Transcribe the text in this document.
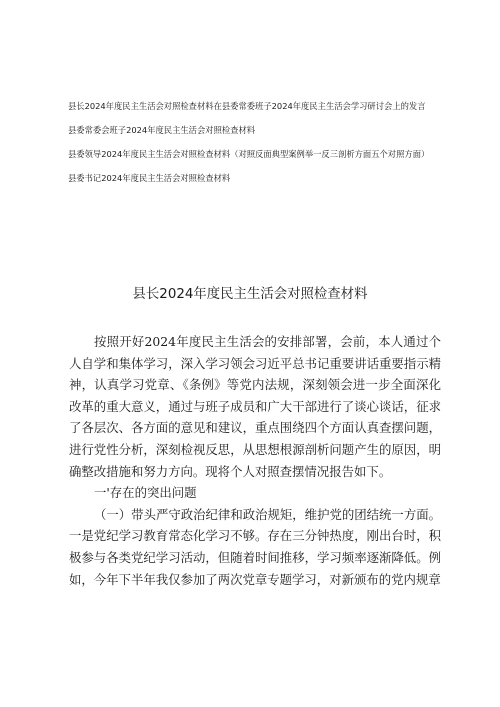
县长2024年度民主生活会对照检查材料在县委常委班子2024年度民主生活会学习研讨会上的发言

县委常委会班子2024年度民主生活会对照检查材料

县委领导2024年度民主生活会对照检查材料（对照反面典型案例举一反三剖析方面五个对照方面）

县委书记2024年度民主生活会对照检查材料

县长2024年度民主生活会对照检查材料

按照开好2024年度民主生活会的安排部署，会前，本人通过个人自学和集体学习，深入学习领会习近平总书记重要讲话重要指示精神，认真学习党章、《条例》等党内法规，深刻领会进一步全面深化改革的重大意义，通过与班子成员和广大干部进行了谈心谈话，征求了各层次、各方面的意见和建议，重点围绕四个方面认真查摆问题，进行党性分析，深刻检视反思，从思想根源剖析问题产生的原因，明确整改措施和努力方向。现将个人对照查摆情况报告如下。

一'存在的突出问题

（一）带头严守政治纪律和政治规矩，维护党的团结统一方面。一是党纪学习教育常态化学习不够。存在三分钟热度，刚出台时，积极参与各类党纪学习活动，但随着时间推移，学习频率逐渐降低。例如，今年下半年我仅参加了两次党章专题学习，对新颁布的党内规章
